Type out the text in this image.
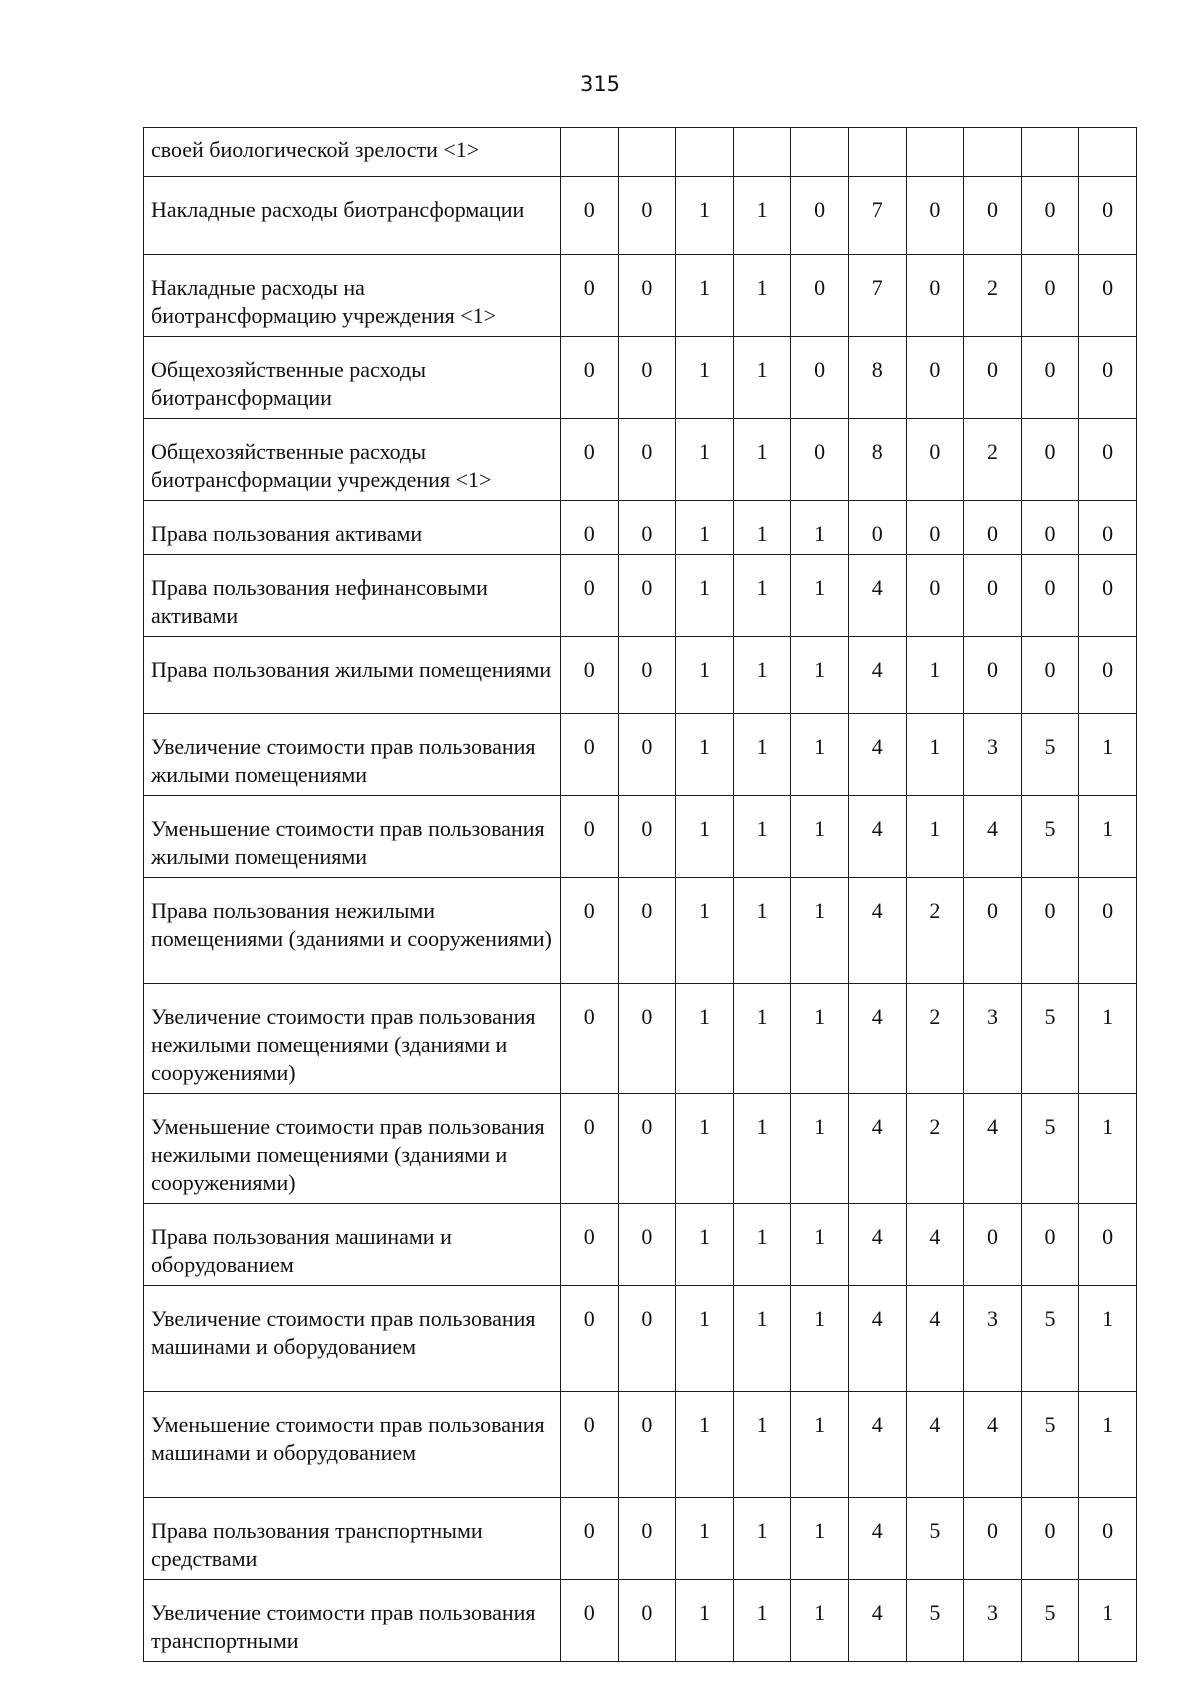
315
своей биологической зрелости <1>										
Накладные расходы биотрансформации	0	0	1	1	0	7	0	0	0	0
Накладные расходы на биотрансформацию учреждения <1>	0	0	1	1	0	7	0	2	0	0
Общехозяйственные расходы биотрансформации	0	0	1	1	0	8	0	0	0	0
Общехозяйственные расходы биотрансформации учреждения <1>	0	0	1	1	0	8	0	2	0	0
Права пользования активами	0	0	1	1	1	0	0	0	0	0
Права пользования нефинансовыми активами	0	0	1	1	1	4	0	0	0	0
Права пользования жилыми помещениями	0	0	1	1	1	4	1	0	0	0
Увеличение стоимости прав пользования жилыми помещениями	0	0	1	1	1	4	1	3	5	1
Уменьшение стоимости прав пользования жилыми помещениями	0	0	1	1	1	4	1	4	5	1
Права пользования нежилыми помещениями (зданиями и сооружениями)	0	0	1	1	1	4	2	0	0	0
Увеличение стоимости прав пользования нежилыми помещениями (зданиями и сооружениями)	0	0	1	1	1	4	2	3	5	1
Уменьшение стоимости прав пользования нежилыми помещениями (зданиями и сооружениями)	0	0	1	1	1	4	2	4	5	1
Права пользования машинами и оборудованием	0	0	1	1	1	4	4	0	0	0
Увеличение стоимости прав пользования машинами и оборудованием	0	0	1	1	1	4	4	3	5	1
Уменьшение стоимости прав пользования машинами и оборудованием	0	0	1	1	1	4	4	4	5	1
Права пользования транспортными средствами	0	0	1	1	1	4	5	0	0	0
Увеличение стоимости прав пользования транспортными	0	0	1	1	1	4	5	3	5	1
